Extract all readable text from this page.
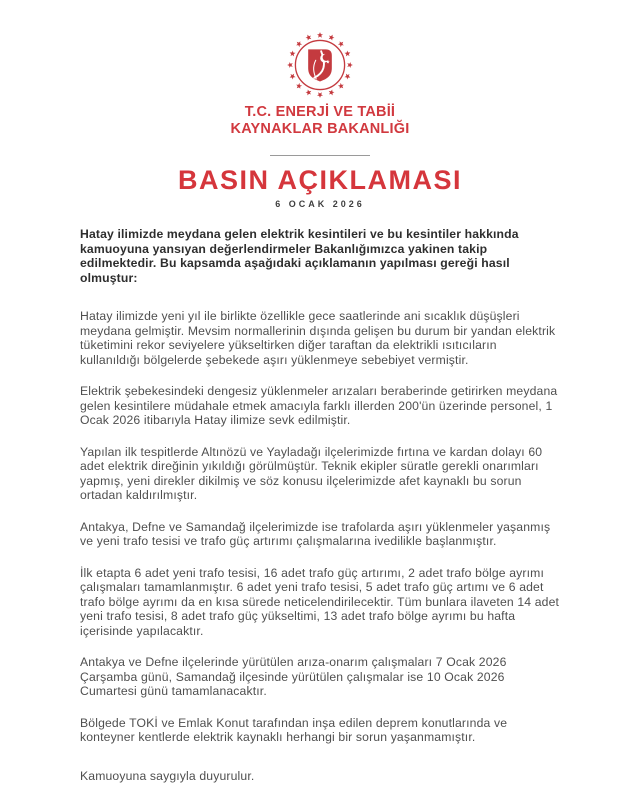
T.C. ENERJİ VE TABİİ
KAYNAKLAR BAKANLIĞI
BASIN AÇIKLAMASI
6 OCAK 2026

Hatay ilimizde meydana gelen elektrik kesintileri ve bu kesintiler hakkında kamuoyuna yansıyan değerlendirmeler Bakanlığımızca yakinen takip edilmektedir. Bu kapsamda aşağıdaki açıklamanın yapılması gereği hasıl olmuştur:

Hatay ilimizde yeni yıl ile birlikte özellikle gece saatlerinde ani sıcaklık düşüşleri meydana gelmiştir. Mevsim normallerinin dışında gelişen bu durum bir yandan elektrik tüketimini rekor seviyelere yükseltirken diğer taraftan da elektrikli ısıtıcıların kullanıldığı bölgelerde şebekede aşırı yüklenmeye sebebiyet vermiştir.

Elektrik şebekesindeki dengesiz yüklenmeler arızaları beraberinde getirirken meydana gelen kesintilere müdahale etmek amacıyla farklı illerden 200'ün üzerinde personel, 1 Ocak 2026 itibarıyla Hatay ilimize sevk edilmiştir.

Yapılan ilk tespitlerde Altınözü ve Yayladağı ilçelerimizde fırtına ve kardan dolayı 60 adet elektrik direğinin yıkıldığı görülmüştür. Teknik ekipler süratle gerekli onarımları yapmış, yeni direkler dikilmiş ve söz konusu ilçelerimizde afet kaynaklı bu sorun ortadan kaldırılmıştır.

Antakya, Defne ve Samandağ ilçelerimizde ise trafolarda aşırı yüklenmeler yaşanmış ve yeni trafo tesisi ve trafo güç artırımı çalışmalarına ivedilikle başlanmıştır.

İlk etapta 6 adet yeni trafo tesisi, 16 adet trafo güç artırımı, 2 adet trafo bölge ayrımı çalışmaları tamamlanmıştır. 6 adet yeni trafo tesisi, 5 adet trafo güç artımı ve 6 adet trafo bölge ayrımı da en kısa sürede neticelendirilecektir. Tüm bunlara ilaveten 14 adet yeni trafo tesisi, 8 adet trafo güç yükseltimi, 13 adet trafo bölge ayrımı bu hafta içerisinde yapılacaktır.

Antakya ve Defne ilçelerinde yürütülen arıza-onarım çalışmaları 7 Ocak 2026 Çarşamba günü, Samandağ ilçesinde yürütülen çalışmalar ise 10 Ocak 2026 Cumartesi günü tamamlanacaktır.

Bölgede TOKİ ve Emlak Konut tarafından inşa edilen deprem konutlarında ve konteyner kentlerde elektrik kaynaklı herhangi bir sorun yaşanmamıştır.

Kamuoyuna saygıyla duyurulur.
